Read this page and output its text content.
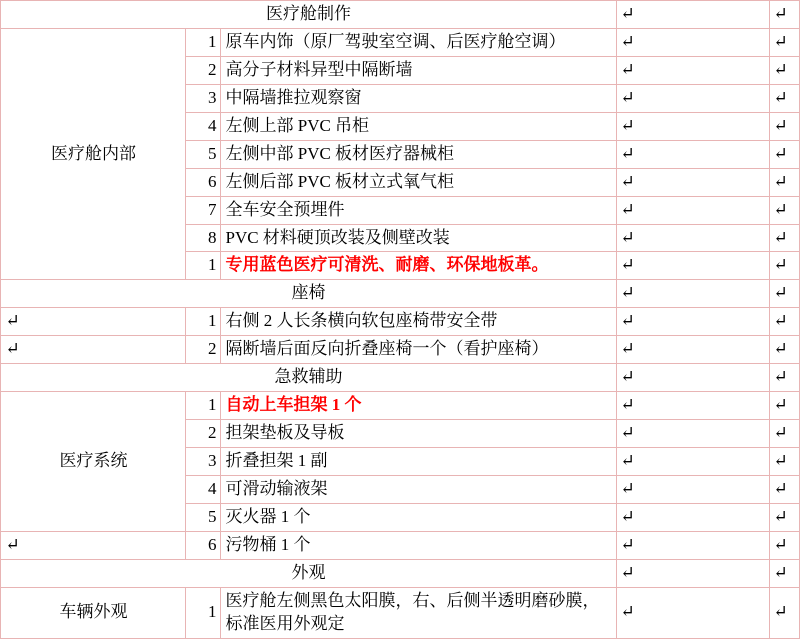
医疗舱制作			↵	↵
医疗舱内部	1	原车内饰（原厂驾驶室空调、后医疗舱空调）	↵	↵
	2	高分子材料异型中隔断墙	↵	↵
	3	中隔墙推拉观察窗	↵	↵
	4	左侧上部 PVC 吊柜	↵	↵
	5	左侧中部 PVC 板材医疗器械柜	↵	↵
	6	左侧后部 PVC 板材立式氧气柜	↵	↵
	7	全车安全预埋件	↵	↵
	8	PVC 材料硬顶改装及侧壁改装	↵	↵
	1	专用蓝色医疗可清洗、耐磨、环保地板革。	↵	↵
座椅			↵	↵
↵	1	右侧 2 人长条横向软包座椅带安全带	↵	↵
↵	2	隔断墙后面反向折叠座椅一个（看护座椅）	↵	↵
急救辅助			↵	↵
医疗系统	1	自动上车担架 1 个	↵	↵
	2	担架垫板及导板	↵	↵
	3	折叠担架 1 副	↵	↵
	4	可滑动输液架	↵	↵
	5	灭火器 1 个	↵	↵
↵	6	污物桶 1 个	↵	↵
外观			↵	↵
车辆外观	1	医疗舱左侧黑色太阳膜，右、后侧半透明磨砂膜，标准医用外观定	↵	↵
